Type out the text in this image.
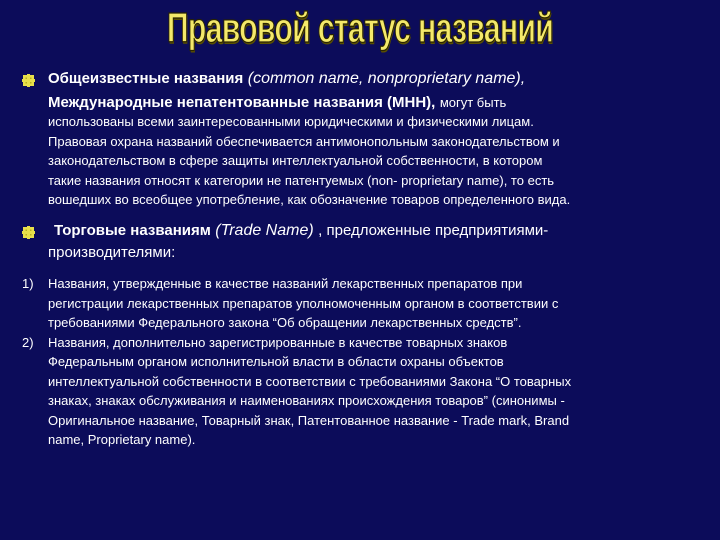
Правовой статус названий
Общеизвестные названия (common name, nonproprietary name),
Международные непатентованные названия (МНН), могут быть
использованы всеми заинтересованными юридическими и физическими лицам.
Правовая охрана названий обеспечивается антимонопольным законодательством и
законодательством в сфере защиты интеллектуальной собственности, в котором
такие названия относят к категории не патентуемых (non- proprietary name), то есть
вошедших во всеобщее употребление, как обозначение товаров определенного вида.
Торговые названиям (Trade Name) , предложенные предприятиями-
производителями:
1) Названия, утвержденные в качестве названий лекарственных препаратов при
регистрации лекарственных препаратов уполномоченным органом в соответствии с
требованиями Федерального закона “Об обращении лекарственных средств”.
2) Названия, дополнительно зарегистрированные в качестве товарных знаков
Федеральным органом исполнительной власти в области охраны объектов
интеллектуальной собственности в соответствии с требованиями Закона “О товарных
знаках, знаках обслуживания и наименованиях происхождения товаров” (синонимы -
Оригинальное название, Товарный знак, Патентованное название - Trade mark, Brand
name, Proprietary name).
